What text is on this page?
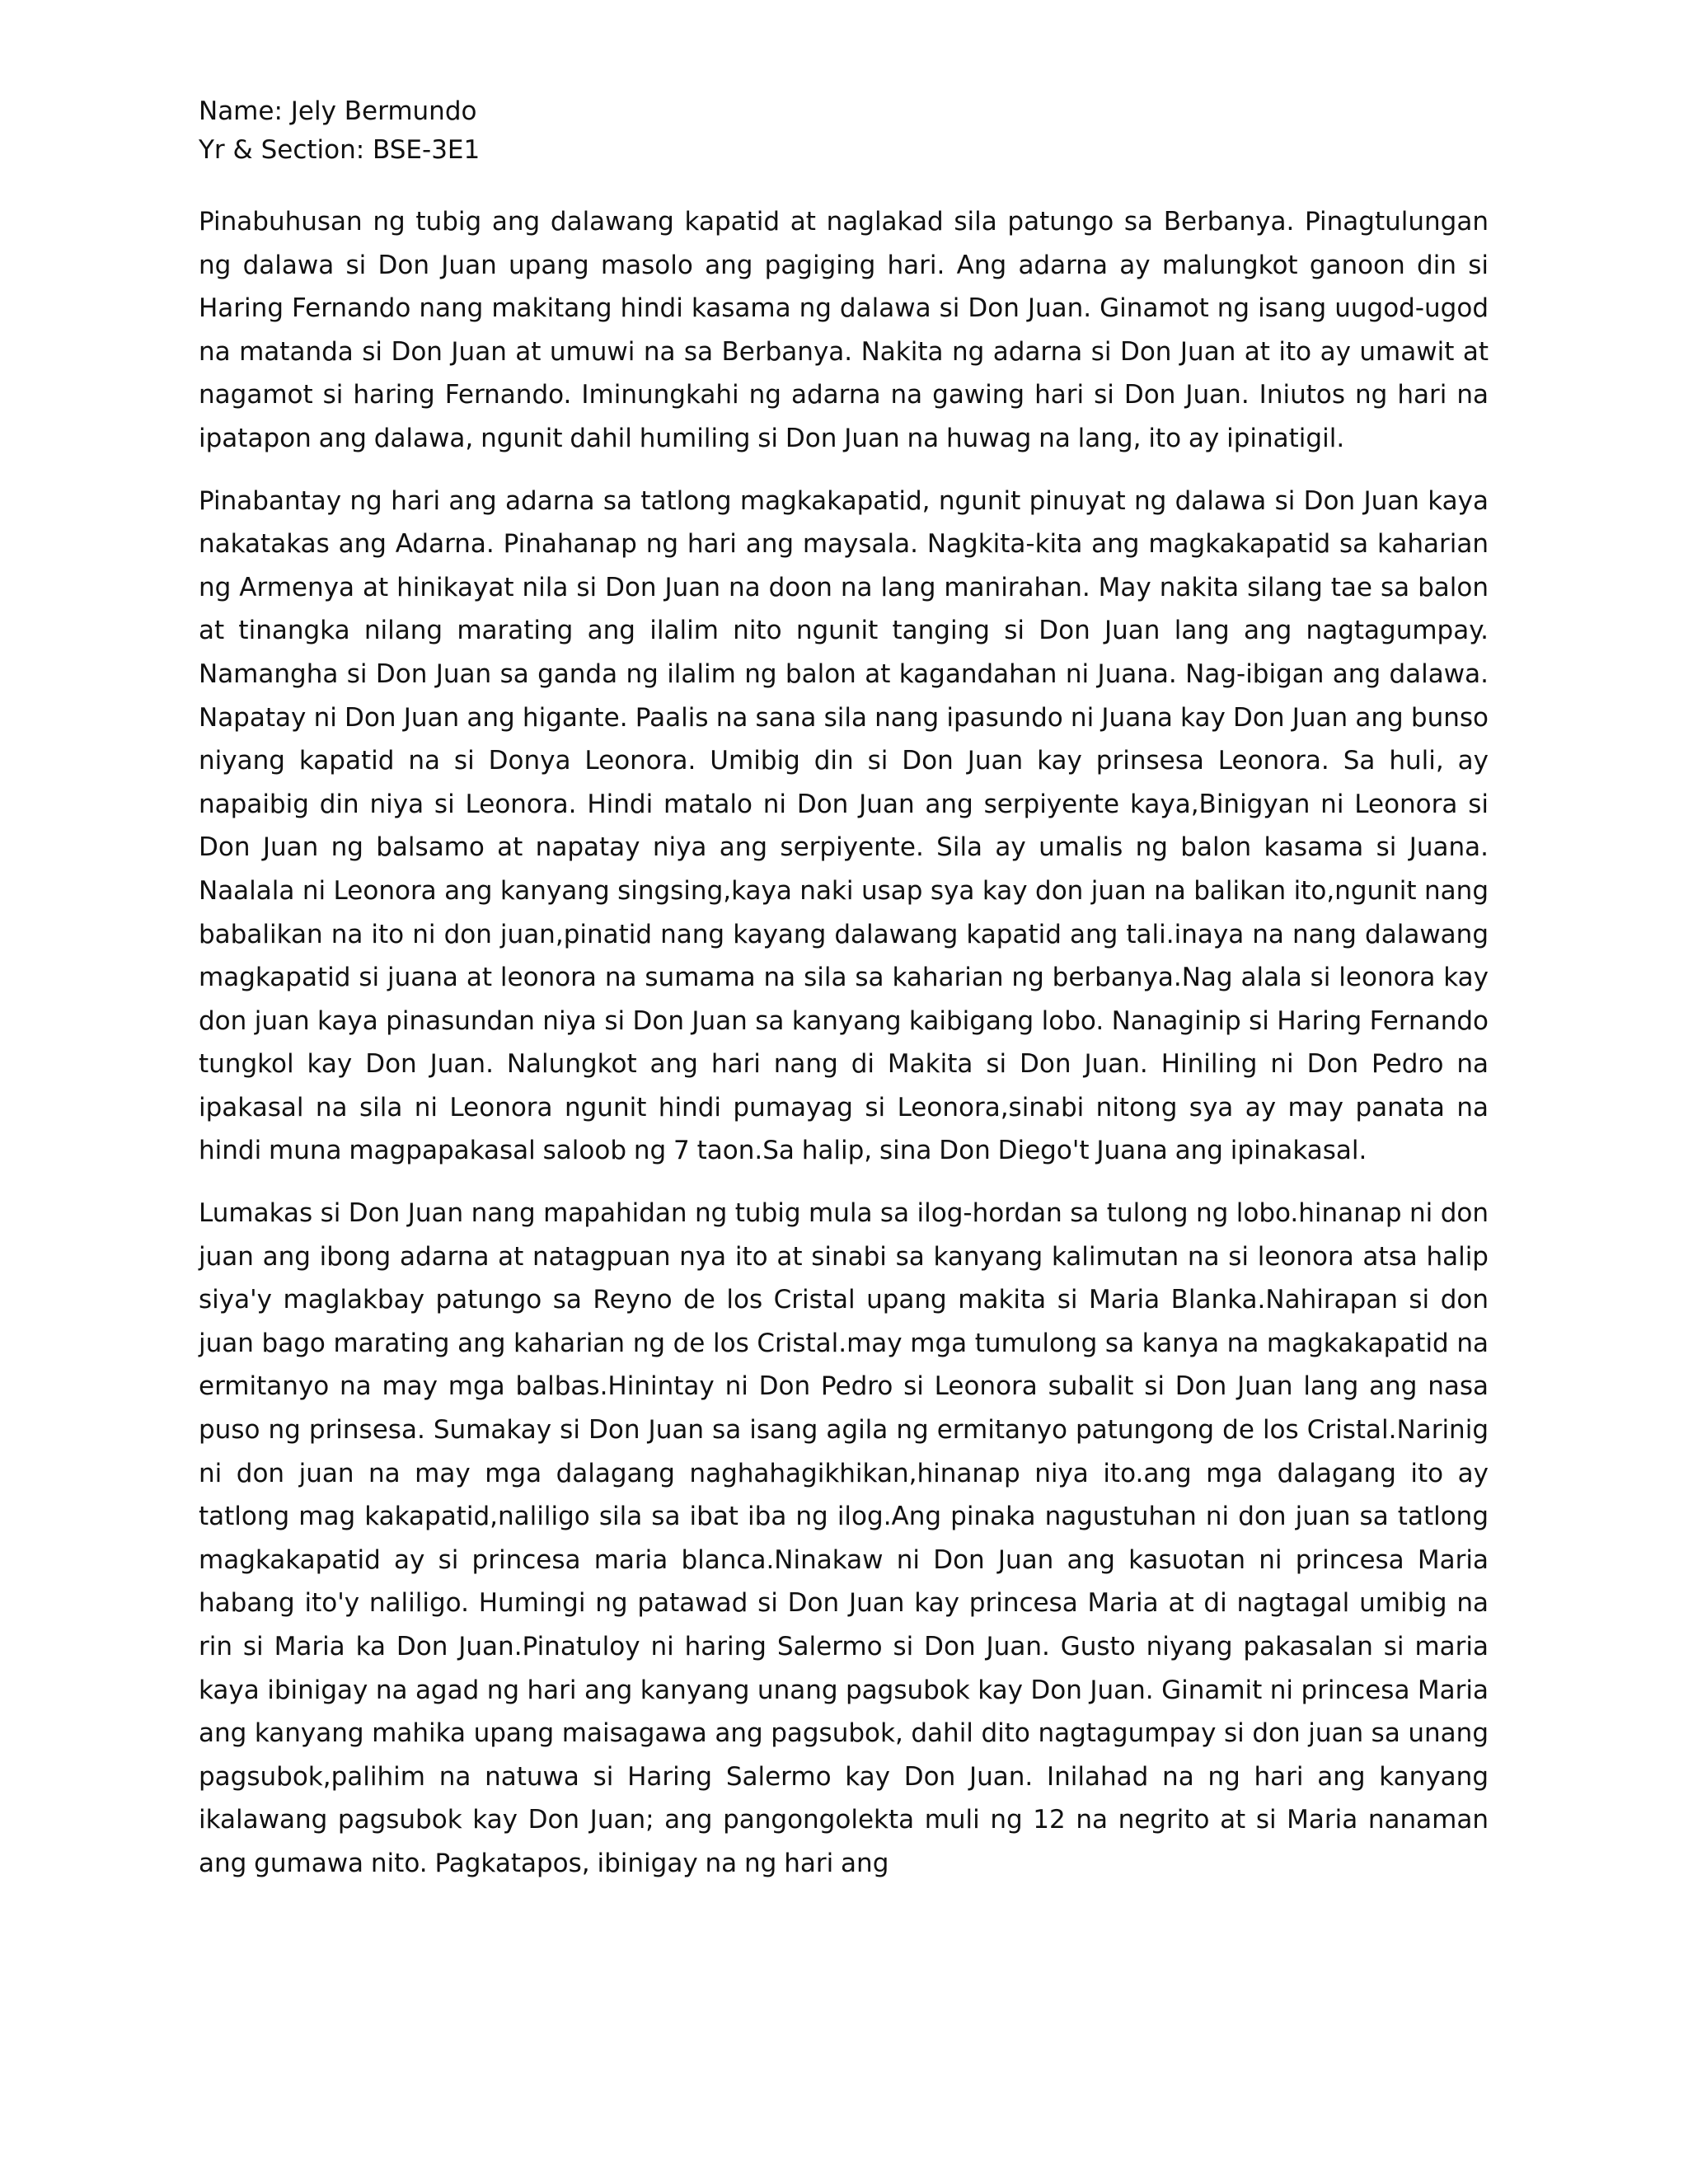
Name: Jely Bermundo

Yr & Section: BSE-3E1

Pinabuhusan ng tubig ang dalawang kapatid at naglakad sila patungo sa Berbanya. Pinagtulungan ng dalawa si Don Juan upang masolo ang pagiging hari. Ang adarna ay malungkot ganoon din si Haring Fernando nang makitang hindi kasama ng dalawa si Don Juan. Ginamot ng isang uugod-ugod na matanda si Don Juan at umuwi na sa Berbanya. Nakita ng adarna si Don Juan at ito ay umawit at nagamot si haring Fernando. Iminungkahi ng adarna na gawing hari si Don Juan. Iniutos ng hari na ipatapon ang dalawa, ngunit dahil humiling si Don Juan na huwag na lang, ito ay ipinatigil.

Pinabantay ng hari ang adarna sa tatlong magkakapatid, ngunit pinuyat ng dalawa si Don Juan kaya nakatakas ang Adarna. Pinahanap ng hari ang maysala. Nagkita-kita ang magkakapatid sa kaharian ng Armenya at hinikayat nila si Don Juan na doon na lang manirahan. May nakita silang tae sa balon at tinangka nilang marating ang ilalim nito ngunit tanging si Don Juan lang ang nagtagumpay. Namangha si Don Juan sa ganda ng ilalim ng balon at kagandahan ni Juana. Nag-ibigan ang dalawa. Napatay ni Don Juan ang higante. Paalis na sana sila nang ipasundo ni Juana kay Don Juan ang bunso niyang kapatid na si Donya Leonora. Umibig din si Don Juan kay prinsesa Leonora. Sa huli, ay napaibig din niya si Leonora. Hindi matalo ni Don Juan ang serpiyente kaya,Binigyan ni Leonora si Don Juan ng balsamo at napatay niya ang serpiyente. Sila ay umalis ng balon kasama si Juana. Naalala ni Leonora ang kanyang singsing,kaya naki usap sya kay don juan na balikan ito,ngunit nang babalikan na ito ni don juan,pinatid nang kayang dalawang kapatid ang tali.inaya na nang dalawang magkapatid si juana at leonora na sumama na sila sa kaharian ng berbanya.Nag alala si leonora kay don juan kaya pinasundan niya si Don Juan sa kanyang kaibigang lobo. Nanaginip si Haring Fernando tungkol kay Don Juan. Nalungkot ang hari nang di Makita si Don Juan. Hiniling ni Don Pedro na ipakasal na sila ni Leonora ngunit hindi pumayag si Leonora,sinabi nitong sya ay may panata na hindi muna magpapakasal saloob ng 7 taon.Sa halip, sina Don Diego't Juana ang ipinakasal.

Lumakas si Don Juan nang mapahidan ng tubig mula sa ilog-hordan sa tulong ng lobo.hinanap ni don juan ang ibong adarna at natagpuan nya ito at sinabi sa kanyang kalimutan na si leonora atsa halip siya'y maglakbay patungo sa Reyno de los Cristal upang makita si Maria Blanka.Nahirapan si don juan bago marating ang kaharian ng de los Cristal.may mga tumulong sa kanya na magkakapatid na ermitanyo na may mga balbas.Hinintay ni Don Pedro si Leonora subalit si Don Juan lang ang nasa puso ng prinsesa. Sumakay si Don Juan sa isang agila ng ermitanyo patungong de los Cristal.Narinig ni don juan na may mga dalagang naghahagikhikan,hinanap niya ito.ang mga dalagang ito ay tatlong mag kakapatid,naliligo sila sa ibat iba ng ilog.Ang pinaka nagustuhan ni don juan sa tatlong magkakapatid ay si princesa maria blanca.Ninakaw ni Don Juan ang kasuotan ni princesa Maria habang ito'y naliligo. Humingi ng patawad si Don Juan kay princesa Maria at di nagtagal umibig na rin si Maria ka Don Juan.Pinatuloy ni haring Salermo si Don Juan. Gusto niyang pakasalan si maria kaya ibinigay na agad ng hari ang kanyang unang pagsubok kay Don Juan. Ginamit ni princesa Maria ang kanyang mahika upang maisagawa ang pagsubok, dahil dito nagtagumpay si don juan sa unang pagsubok,palihim na natuwa si Haring Salermo kay Don Juan. Inilahad na ng hari ang kanyang ikalawang pagsubok kay Don Juan; ang pangongolekta muli ng 12 na negrito at si Maria nanaman ang gumawa nito. Pagkatapos, ibinigay na ng hari ang
